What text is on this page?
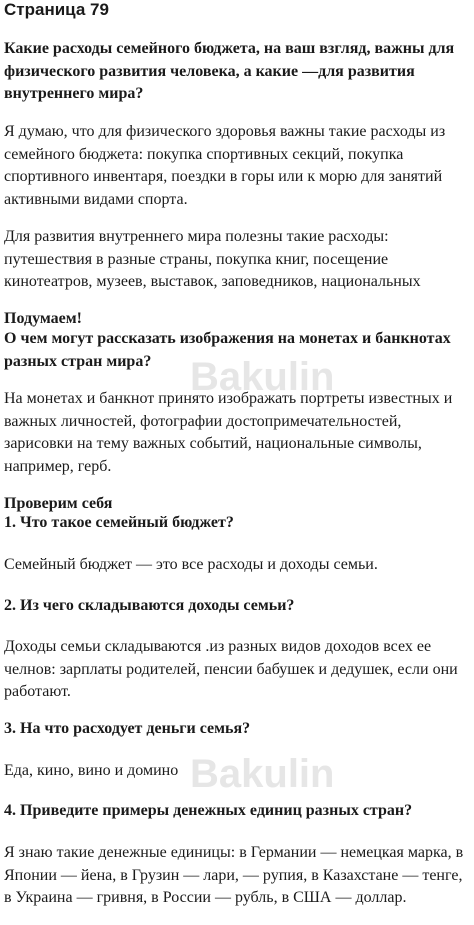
Bakulin
Bakulin
Страница 79

Какие расходы семейного бюджета, на ваш взгляд, важны для физического развития человека, а какие —для развития внутреннего мира?

Я думаю, что для физического здоровья важны такие расходы из семейного бюджета: покупка спортивных секций, покупка спортивного инвентаря, поездки в горы или к морю для занятий активными видами спорта.

Для развития внутреннего мира полезны такие расходы: путешествия в разные страны, покупка книг, посещение кинотеатров, музеев, выставок, заповедников, национальных

Подумаем!

О чем могут рассказать изображения на монетах и банкнотах разных стран мира?

На монетах и банкнот принято изображать портреты известных и важных личностей, фотографии достопримечательностей, зарисовки на тему важных событий, национальные символы, например, герб.

Проверим себя

1. Что такое семейный бюджет?

Семейный бюджет — это все расходы и доходы семьи.

2. Из чего складываются доходы семьи?

Доходы семьи складываются .из разных видов доходов всех ее челнов: зарплаты родителей, пенсии бабушек и дедушек, если они работают.

3. На что расходует деньги семья?

Еда, кино, вино и домино

4. Приведите примеры денежных единиц разных стран?

Я знаю такие денежные единицы: в Германии — немецкая марка, в Японии — йена, в Грузин — лари, — рупия, в Казахстане — тенге, в Украина — гривня, в России — рубль, в США — доллар.
